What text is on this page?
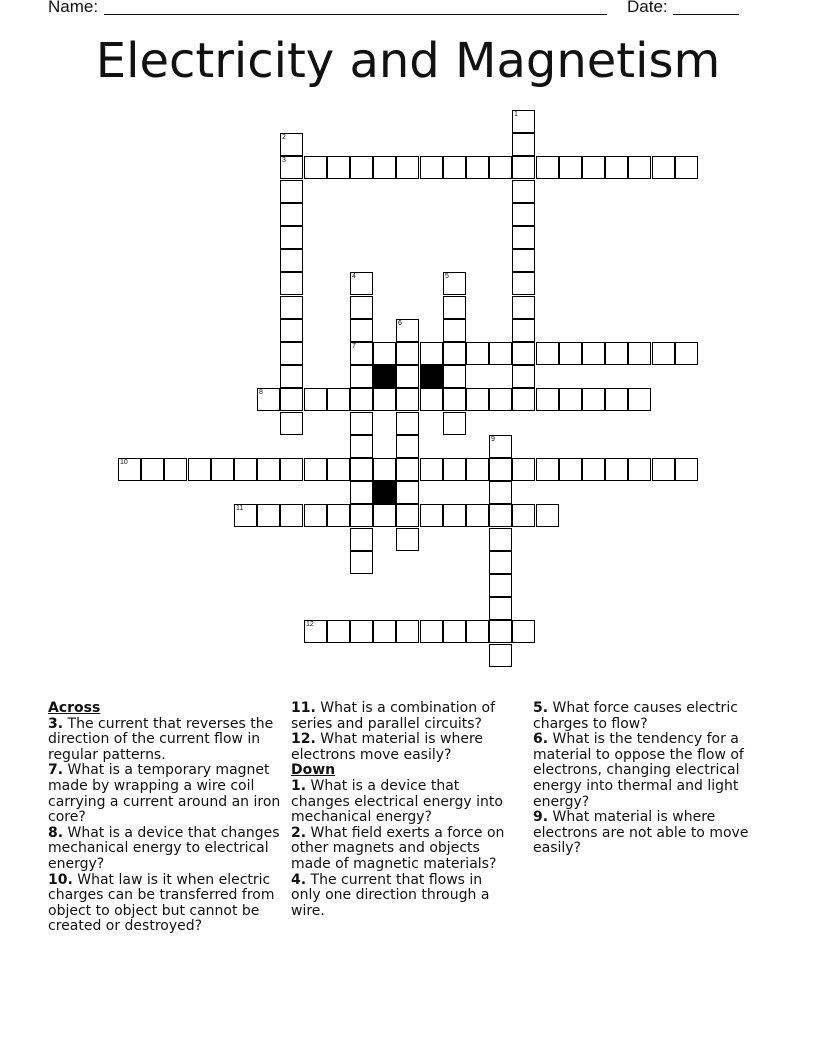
Name:	Date:
Electricity and Magnetism
1
2
3
4
7
5
6
8
9
10
11
12
Across
3. The current that reverses the direction of the current flow in regular patterns.
7. What is a temporary magnet made by wrapping a wire coil carrying a current around an iron core?
8. What is a device that changes mechanical energy to electrical energy?
10. What law is it when electric charges can be transferred from object to object but cannot be created or destroyed?
11. What is a combination of series and parallel circuits?
12. What material is where electrons move easily?
Down
1. What is a device that changes electrical energy into mechanical energy?
2. What field exerts a force on other magnets and objects made of magnetic materials?
4. The current that flows in only one direction through a wire.
5. What force causes electric charges to flow?
6. What is the tendency for a material to oppose the flow of electrons, changing electrical energy into thermal and light energy?
9. What material is where electrons are not able to move easily?
